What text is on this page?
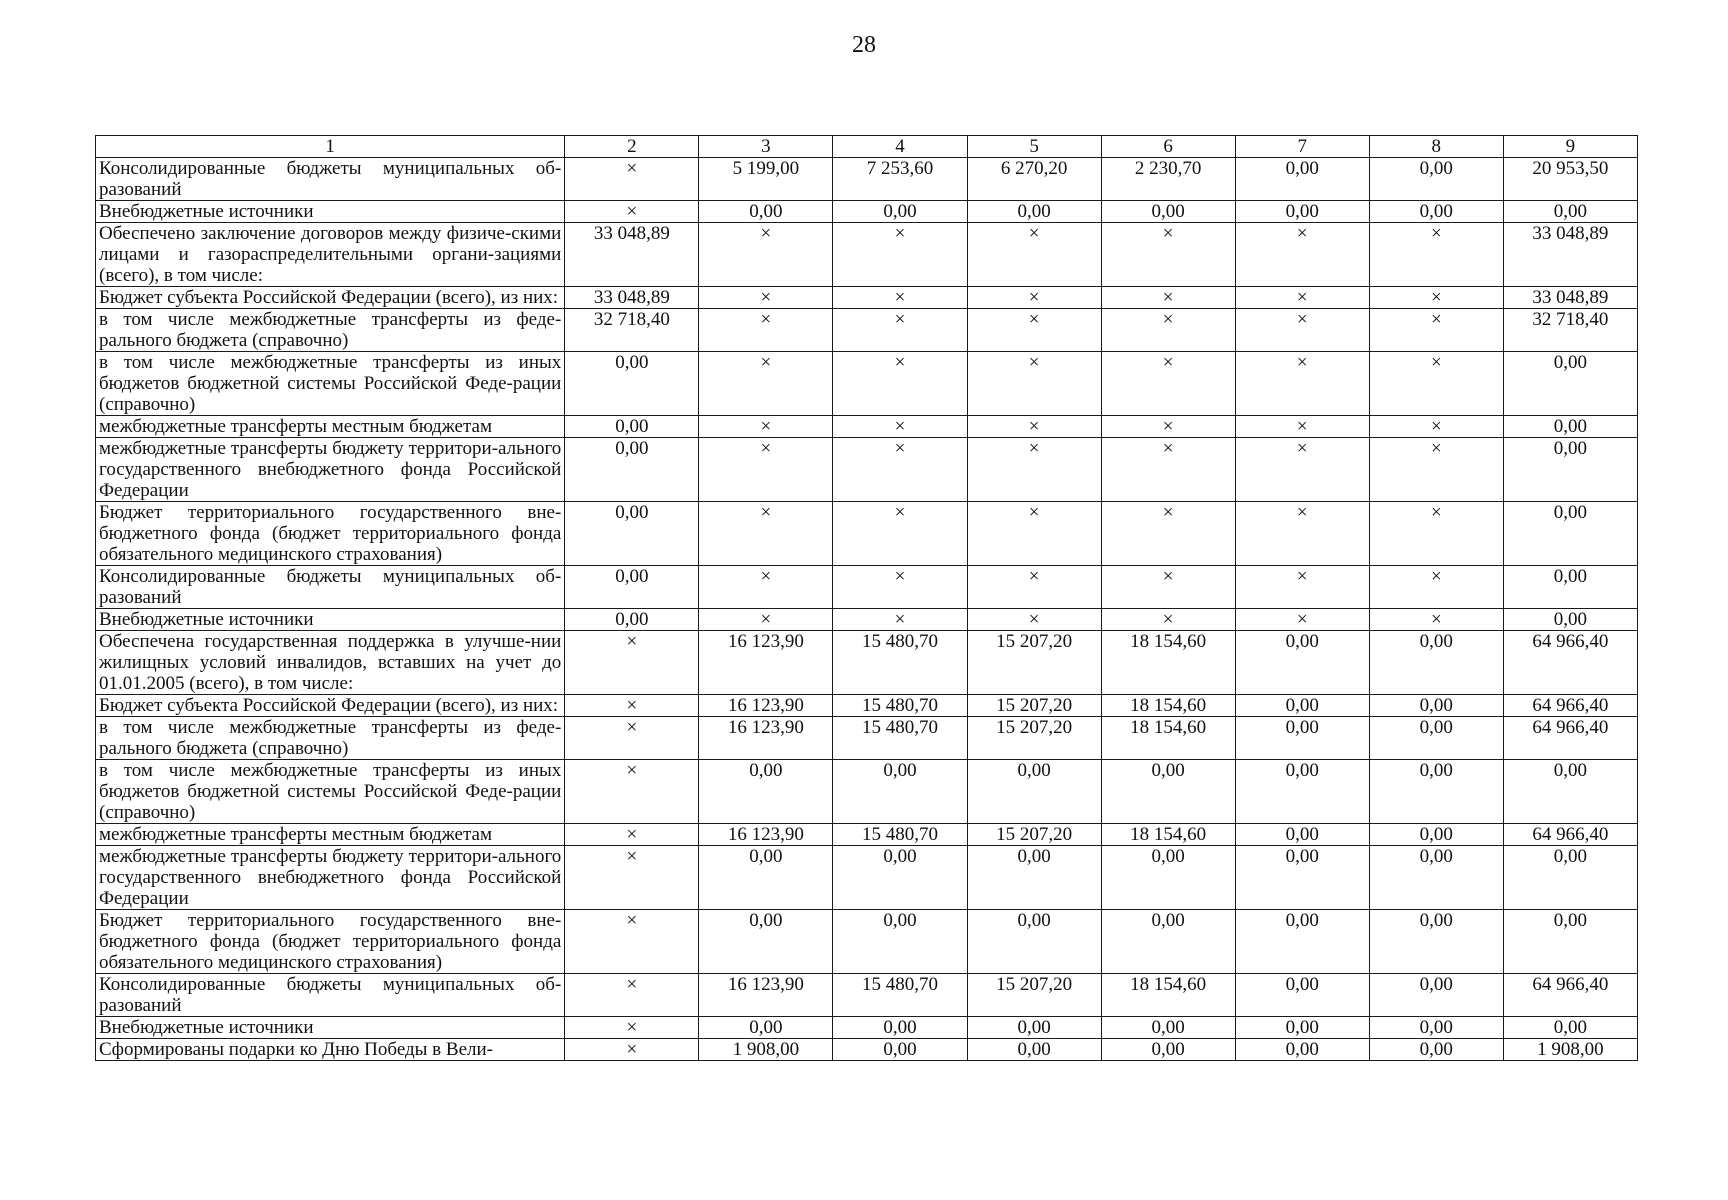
28
1	2	3	4	5	6	7	8	9
Консолидированные бюджеты муниципальных об-разований	×	5 199,00	7 253,60	6 270,20	2 230,70	0,00	0,00	20 953,50
Внебюджетные источники	×	0,00	0,00	0,00	0,00	0,00	0,00	0,00
Обеспечено заключение договоров между физиче-скими лицами и газораспределительными органи-зациями (всего), в том числе:	33 048,89	×	×	×	×	×	×	33 048,89
Бюджет субъекта Российской Федерации (всего), из них:	33 048,89	×	×	×	×	×	×	33 048,89
в том числе межбюджетные трансферты из феде-рального бюджета (справочно)	32 718,40	×	×	×	×	×	×	32 718,40
в том числе межбюджетные трансферты из иных бюджетов бюджетной системы Российской Феде-рации (справочно)	0,00	×	×	×	×	×	×	0,00
межбюджетные трансферты местным бюджетам	0,00	×	×	×	×	×	×	0,00
межбюджетные трансферты бюджету территори-ального государственного внебюджетного фонда Российской Федерации	0,00	×	×	×	×	×	×	0,00
Бюджет территориального государственного вне-бюджетного фонда (бюджет территориального фонда обязательного медицинского страхования)	0,00	×	×	×	×	×	×	0,00
Консолидированные бюджеты муниципальных об-разований	0,00	×	×	×	×	×	×	0,00
Внебюджетные источники	0,00	×	×	×	×	×	×	0,00
Обеспечена государственная поддержка в улучше-нии жилищных условий инвалидов, вставших на учет до 01.01.2005 (всего), в том числе:	×	16 123,90	15 480,70	15 207,20	18 154,60	0,00	0,00	64 966,40
Бюджет субъекта Российской Федерации (всего), из них:	×	16 123,90	15 480,70	15 207,20	18 154,60	0,00	0,00	64 966,40
в том числе межбюджетные трансферты из феде-рального бюджета (справочно)	×	16 123,90	15 480,70	15 207,20	18 154,60	0,00	0,00	64 966,40
в том числе межбюджетные трансферты из иных бюджетов бюджетной системы Российской Феде-рации (справочно)	×	0,00	0,00	0,00	0,00	0,00	0,00	0,00
межбюджетные трансферты местным бюджетам	×	16 123,90	15 480,70	15 207,20	18 154,60	0,00	0,00	64 966,40
межбюджетные трансферты бюджету территори-ального государственного внебюджетного фонда Российской Федерации	×	0,00	0,00	0,00	0,00	0,00	0,00	0,00
Бюджет территориального государственного вне-бюджетного фонда (бюджет территориального фонда обязательного медицинского страхования)	×	0,00	0,00	0,00	0,00	0,00	0,00	0,00
Консолидированные бюджеты муниципальных об-разований	×	16 123,90	15 480,70	15 207,20	18 154,60	0,00	0,00	64 966,40
Внебюджетные источники	×	0,00	0,00	0,00	0,00	0,00	0,00	0,00
Сформированы подарки ко Дню Победы в Вели-	×	1 908,00	0,00	0,00	0,00	0,00	0,00	1 908,00
